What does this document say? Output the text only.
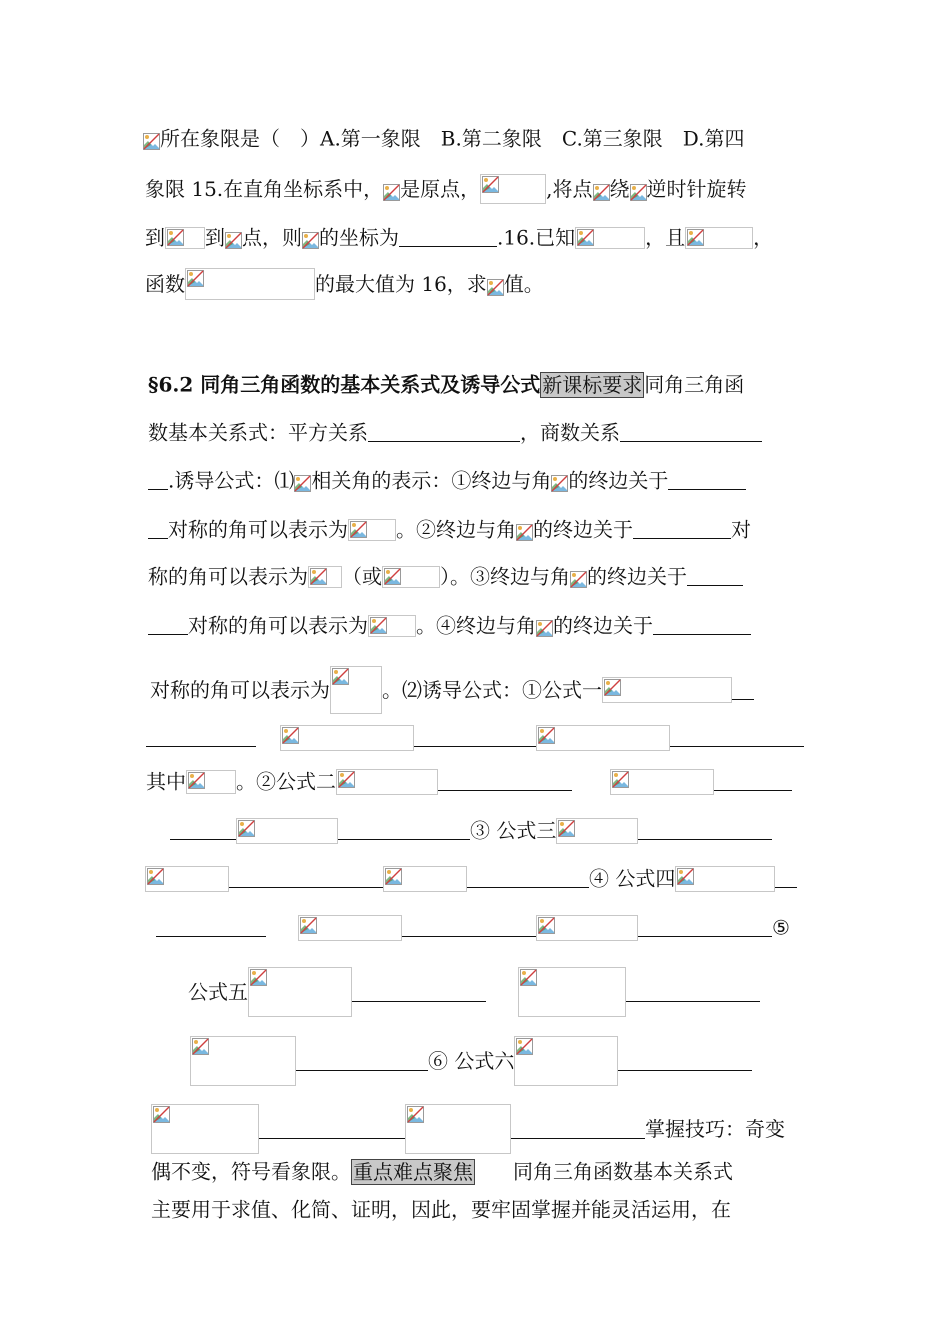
所在象限是（　）A.第一象限　B.第二象限　C.第三象限　D.第四
象限 15.在直角坐标系中， 是原点，	,将点 绕 逆时针旋转
到 到 点，则 的坐标为	.16.已知	，且	，
函数	的最大值为 16，求 值。
§6.2 同角三角函数的基本关系式及诱导公式 新课标要求 同角三角函
数基本关系式：平方关系	，商数关系
.诱导公式：⑴ 相关角的表示：①终边与角 的终边关于
对称的角可以表示为 。②终边与角 的终边关于	对
称的角可以表示为 （或	）。③终边与角 的终边关于
对称的角可以表示为 。④终边与角 的终边关于
对称的角可以表示为	。⑵诱导公式：①公式一
其中	。②公式二
③ 公式三
④ 公式四
⑤
公式五
⑥ 公式六
掌握技巧：奇变
偶不变，符号看象限。 重点难点聚焦 同角三角函数基本关系式
主要用于求值、化简、证明，因此，要牢固掌握并能灵活运用，在
